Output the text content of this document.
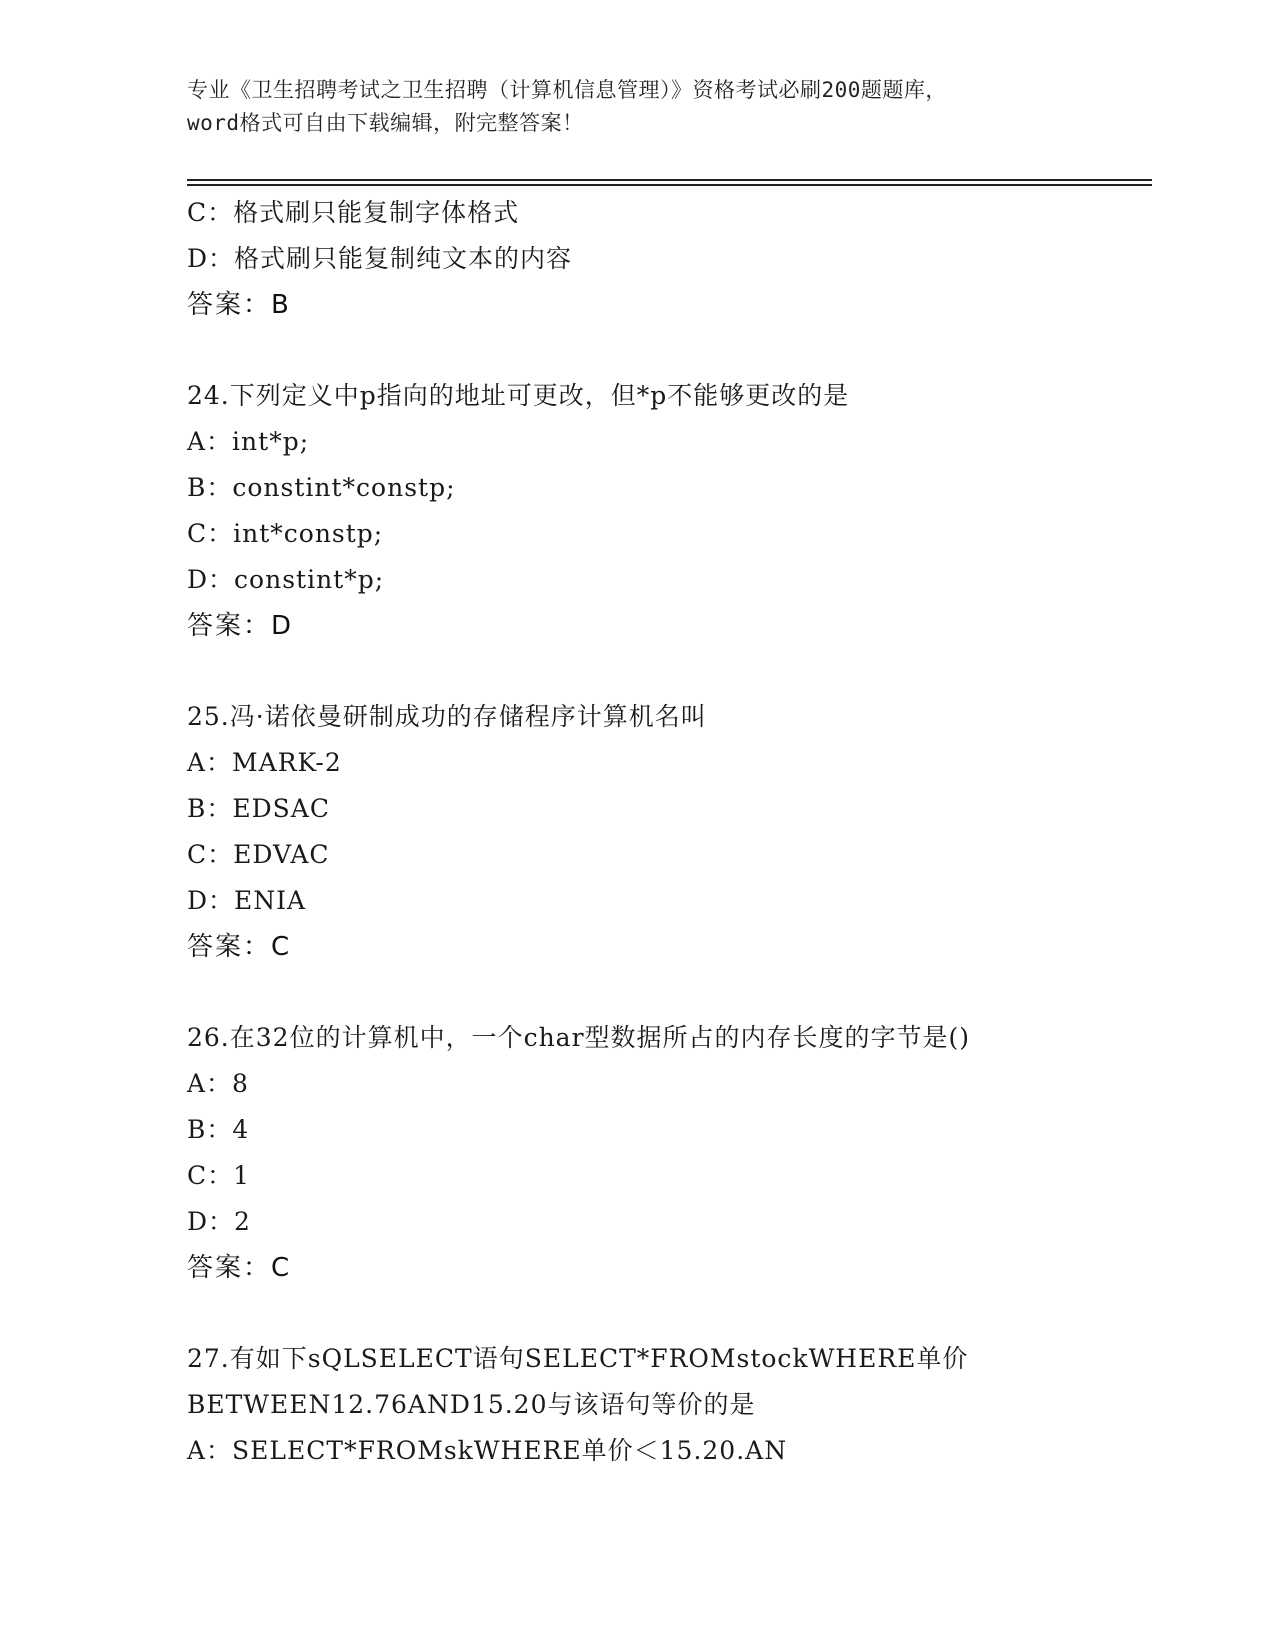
专业《卫生招聘考试之卫生招聘（计算机信息管理）》资格考试必刷200题题库，
word格式可自由下载编辑，附完整答案！
C：格式刷只能复制字体格式
D：格式刷只能复制纯文本的内容
答案：B
24.下列定义中p指向的地址可更改，但*p不能够更改的是
A：int*p;
B：constint*constp;
C：int*constp;
D：constint*p;
答案：D
25.冯·诺依曼研制成功的存储程序计算机名叫
A：MARK-2
B：EDSAC
C：EDVAC
D：ENIA
答案：C
26.在32位的计算机中，一个char型数据所占的内存长度的字节是()
A：8
B：4
C：1
D：2
答案：C
27.有如下sQLSELECT语句SELECT*FROMstockWHERE单价
BETWEEN12.76AND15.20与该语句等价的是
A：SELECT*FROMskWHERE单价＜15.20.AN
